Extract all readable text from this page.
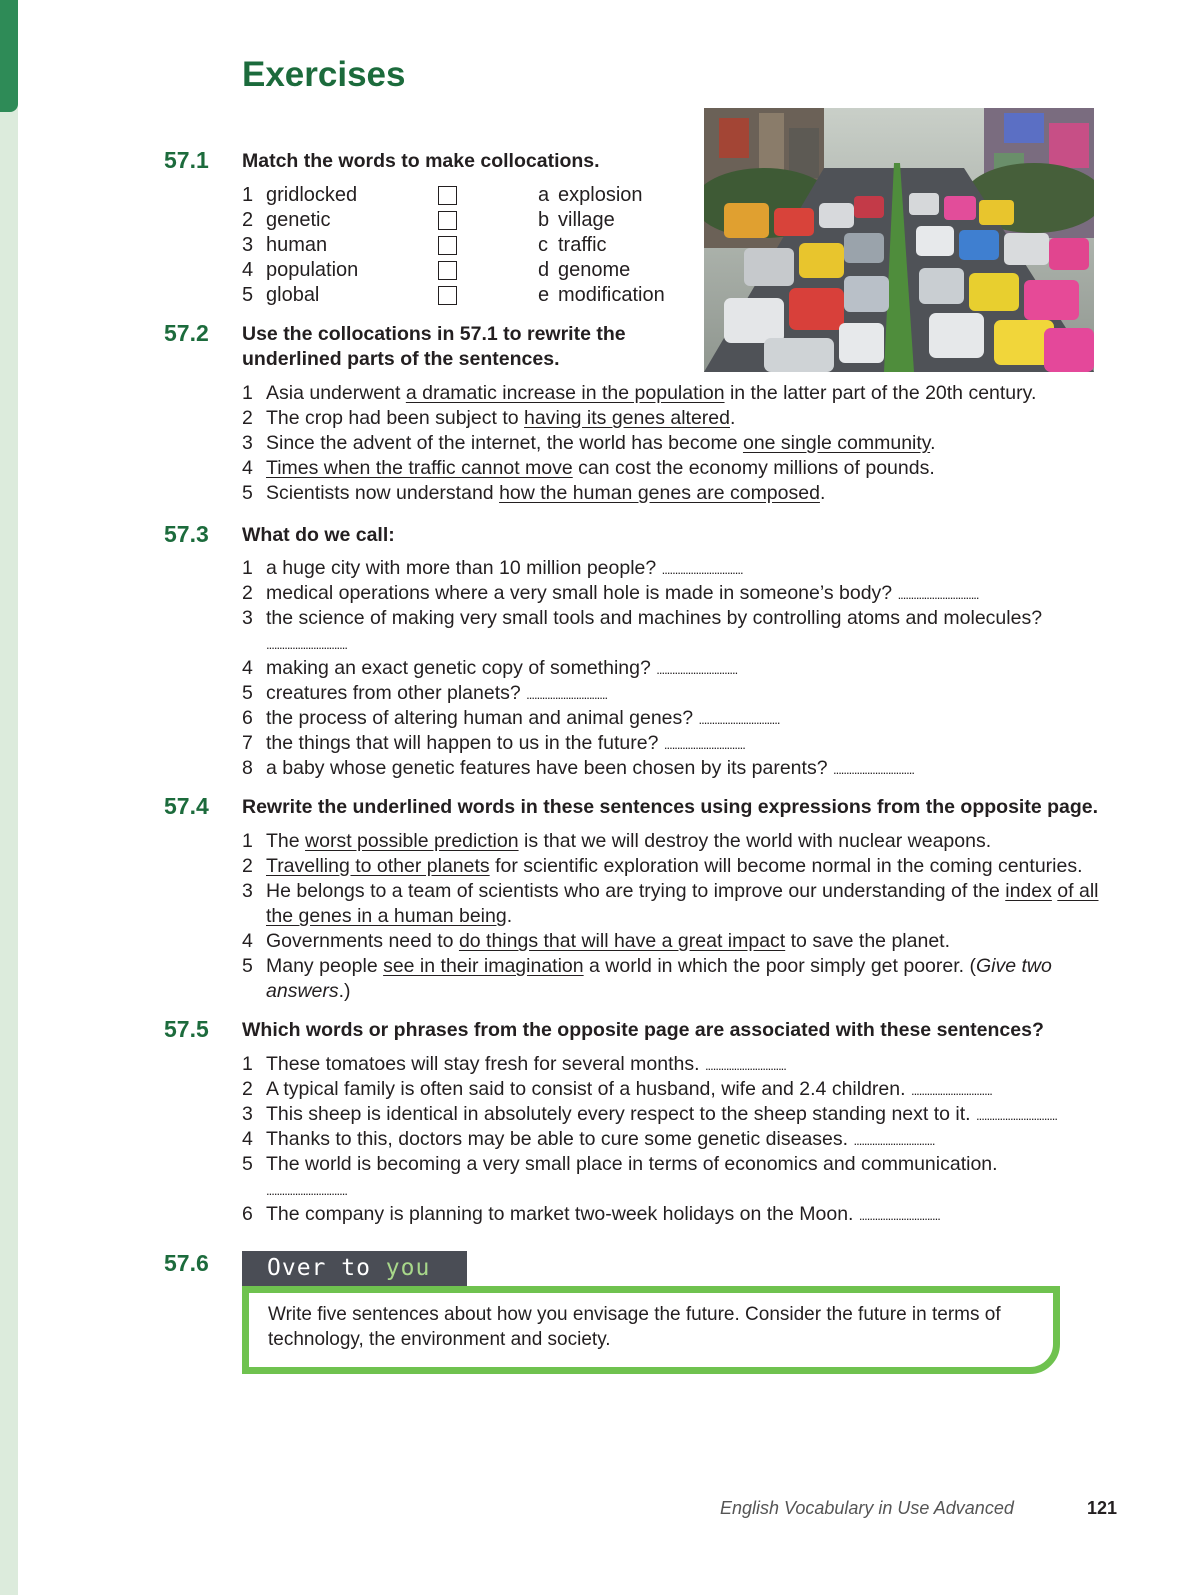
Exercises
57.1 Match the words to make collocations.
1 gridlocked
2 genetic
3 human
4 population
5 global
a explosion
b village
c traffic
d genome
e modification
57.2 Use the collocations in 57.1 to rewrite the
underlined parts of the sentences.
1 Asia underwent a dramatic increase in the population in the latter part of the 20th century.
2 The crop had been subject to having its genes altered.
3 Since the advent of the internet, the world has become one single community.
4 Times when the traffic cannot move can cost the economy millions of pounds.
5 Scientists now understand how the human genes are composed.
57.3 What do we call:
1 a huge city with more than 10 million people? ...............................
2 medical operations where a very small hole is made in someone’s body? ...............................
3 the science of making very small tools and machines by controlling atoms and molecules?
...............................
4 making an exact genetic copy of something? ...............................
5 creatures from other planets? ...............................
6 the process of altering human and animal genes? ...............................
7 the things that will happen to us in the future? ...............................
8 a baby whose genetic features have been chosen by its parents? ...............................
57.4 Rewrite the underlined words in these sentences using expressions from the opposite page.
1 The worst possible prediction is that we will destroy the world with nuclear weapons.
2 Travelling to other planets for scientific exploration will become normal in the coming centuries.
3 He belongs to a team of scientists who are trying to improve our understanding of the index of all
the genes in a human being.
4 Governments need to do things that will have a great impact to save the planet.
5 Many people see in their imagination a world in which the poor simply get poorer. (Give two
answers.)
57.5 Which words or phrases from the opposite page are associated with these sentences?
1 These tomatoes will stay fresh for several months. ...............................
2 A typical family is often said to consist of a husband, wife and 2.4 children. ...............................
3 This sheep is identical in absolutely every respect to the sheep standing next to it. ...............................
4 Thanks to this, doctors may be able to cure some genetic diseases. ...............................
5 The world is becoming a very small place in terms of economics and communication.
...............................
6 The company is planning to market two-week holidays on the Moon. ...............................
57.6	Over to you
Write five sentences about how you envisage the future. Consider the future in terms of technology, the environment and society.
English Vocabulary in Use Advanced	121
